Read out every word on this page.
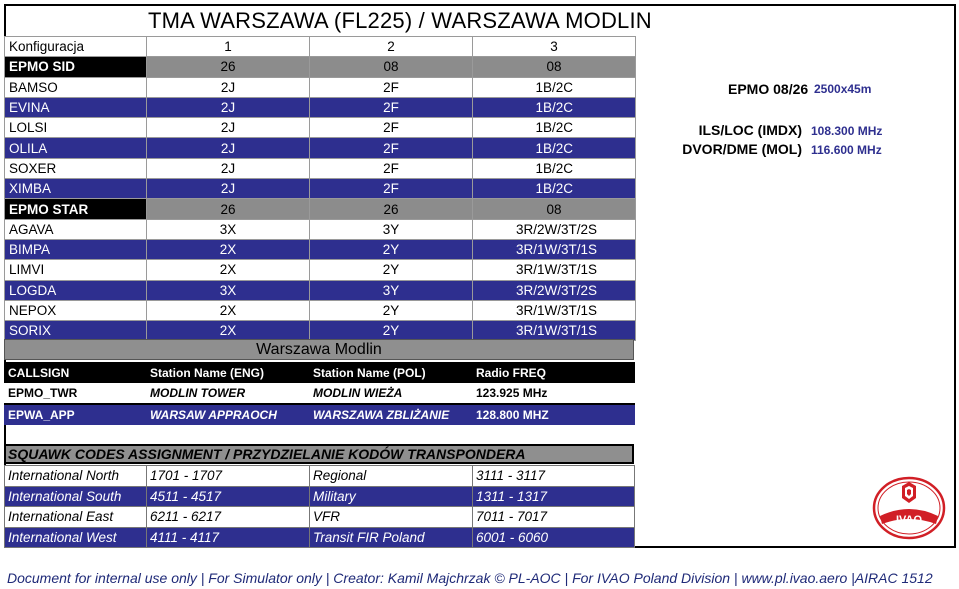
TMA WARSZAWA (FL225) / WARSZAWA MODLIN
Konfiguracja	1	2	3
EPMO SID	26	08	08
BAMSO	2J	2F	1B/2C
EVINA	2J	2F	1B/2C
LOLSI	2J	2F	1B/2C
OLILA	2J	2F	1B/2C
SOXER	2J	2F	1B/2C
XIMBA	2J	2F	1B/2C
EPMO STAR	26	26	08
AGAVA	3X	3Y	3R/2W/3T/2S
BIMPA	2X	2Y	3R/1W/3T/1S
LIMVI	2X	2Y	3R/1W/3T/1S
LOGDA	3X	3Y	3R/2W/3T/2S
NEPOX	2X	2Y	3R/1W/3T/1S
SORIX	2X	2Y	3R/1W/3T/1S
Warszawa Modlin
CALLSIGN	Station Name (ENG)	Station Name (POL)	Radio FREQ
EPMO_TWR	MODLIN TOWER	MODLIN WIEŻA	123.925 MHz
EPWA_APP	WARSAW APPRAOCH	WARSZAWA ZBLIŻANIE	128.800 MHZ
SQUAWK CODES ASSIGNMENT / PRZYDZIELANIE KODÓW TRANSPONDERA
International North	1701 - 1707	Regional	3111 - 3117
International South	4511 - 4517	Military	1311 - 1317
International East	6211 - 6217	VFR	7011 - 7017
International West	4111 - 4117	Transit FIR Poland	6001 - 6060
EPMO 08/26 2500x45m
ILS/LOC (IMDX) 108.300 MHz
DVOR/DME (MOL) 116.600 MHz
IVAO
Document for internal use only | For Simulator only | Creator: Kamil Majchrzak © PL-AOC | For IVAO Poland Division | www.pl.ivao.aero |AIRAC 1512
